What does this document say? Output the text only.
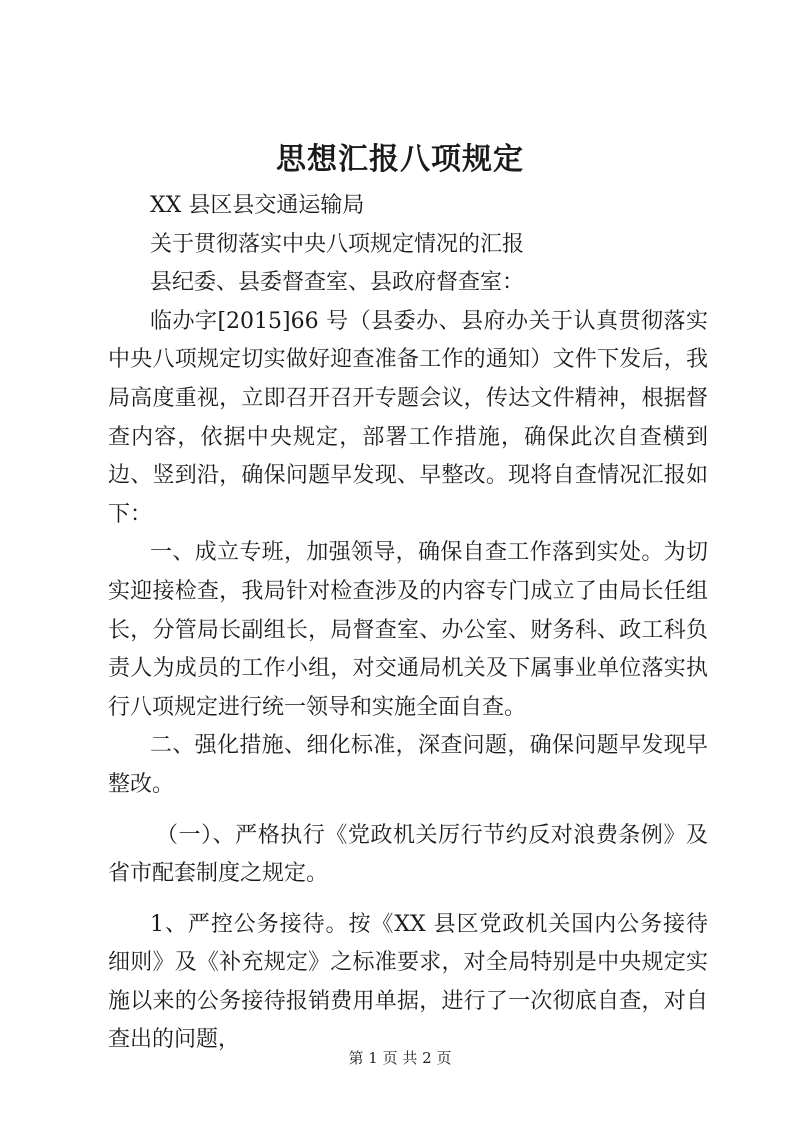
思想汇报八项规定

XX 县区县交通运输局

关于贯彻落实中央八项规定情况的汇报

县纪委、县委督查室、县政府督查室：

临办字[2015]66 号（县委办、县府办关于认真贯彻落实中央八项规定切实做好迎查准备工作的通知）文件下发后，我局高度重视，立即召开召开专题会议，传达文件精神，根据督查内容，依据中央规定，部署工作措施，确保此次自查横到边、竖到沿，确保问题早发现、早整改。现将自查情况汇报如下：

一、成立专班，加强领导，确保自查工作落到实处。为切实迎接检查，我局针对检查涉及的内容专门成立了由局长任组长，分管局长副组长，局督查室、办公室、财务科、政工科负责人为成员的工作小组，对交通局机关及下属事业单位落实执行八项规定进行统一领导和实施全面自查。

二、强化措施、细化标准，深查问题，确保问题早发现早整改。

（一）、严格执行《党政机关厉行节约反对浪费条例》及省市配套制度之规定。

1、严控公务接待。按《XX 县区党政机关国内公务接待细则》及《补充规定》之标准要求，对全局特别是中央规定实施以来的公务接待报销费用单据，进行了一次彻底自查，对自查出的问题，

第 1 页 共 2 页
